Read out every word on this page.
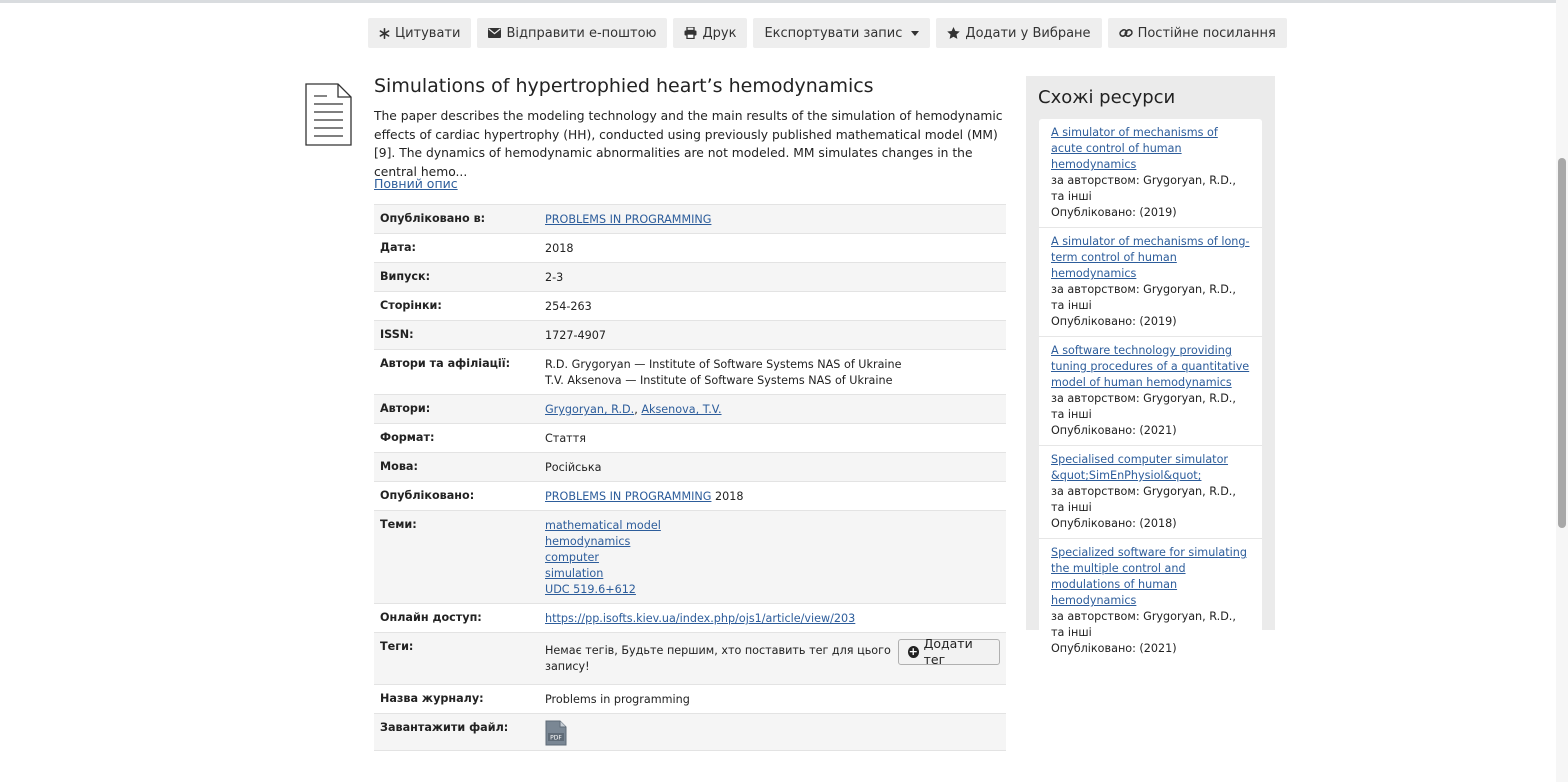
Цитувати	Відправити е-поштою	Друк Експортувати запис	Додати у Вибране	Постійне посилання
Simulations of hypertrophied heart’s hemodynamics

The paper describes the modeling technology and the main results of the simulation of hemodynamic effects of cardiac hypertrophy (HH), conducted using previously published mathematical model (MM) [9]. The dynamics of hemodynamic abnormalities are not modeled. MM simulates changes in the central hemo...

Повний опис
Опубліковано в:	PROBLEMS IN PROGRAMMING
Дата:	2018
Випуск:	2-3
Сторінки:	254-263
ISSN:	1727-4907
Автори та афіліації:	R.D. Grygoryan — Institute of Software Systems NAS of Ukraine
T.V. Aksenova — Institute of Software Systems NAS of Ukraine

Автори:	Grygoryan, R.D., Aksenova, T.V.
Формат:	Стаття
Мова:	Російська
Опубліковано:	PROBLEMS IN PROGRAMMING 2018
Теми:	mathematical model
hemodynamics
computer
simulation
UDC 519.6+612

Онлайн доступ:	https://pp.isofts.kiev.ua/index.php/ojs1/article/view/203
Теги:	Немає тегів, Будьте першим, хто поставить тег для цього запису!
+
Додати тег

Назва журналу:	Problems in programming
Завантажити файл:	PDF
Схожі ресурси
A simulator of mechanisms of acute control of human hemodynamics
за авторством: Grygoryan, R.D., та інші
Опубліковано: (2019)
A simulator of mechanisms of long-term control of human hemodynamics
за авторством: Grygoryan, R.D., та інші
Опубліковано: (2019)
A software technology providing tuning procedures of a quantitative model of human hemodynamics
за авторством: Grygoryan, R.D., та інші
Опубліковано: (2021)
Specialised computer simulator &quot;SimEnPhysiol&quot;
за авторством: Grygoryan, R.D., та інші
Опубліковано: (2018)
Specialized software for simulating the multiple control and modulations of human hemodynamics
за авторством: Grygoryan, R.D., та інші
Опубліковано: (2021)
